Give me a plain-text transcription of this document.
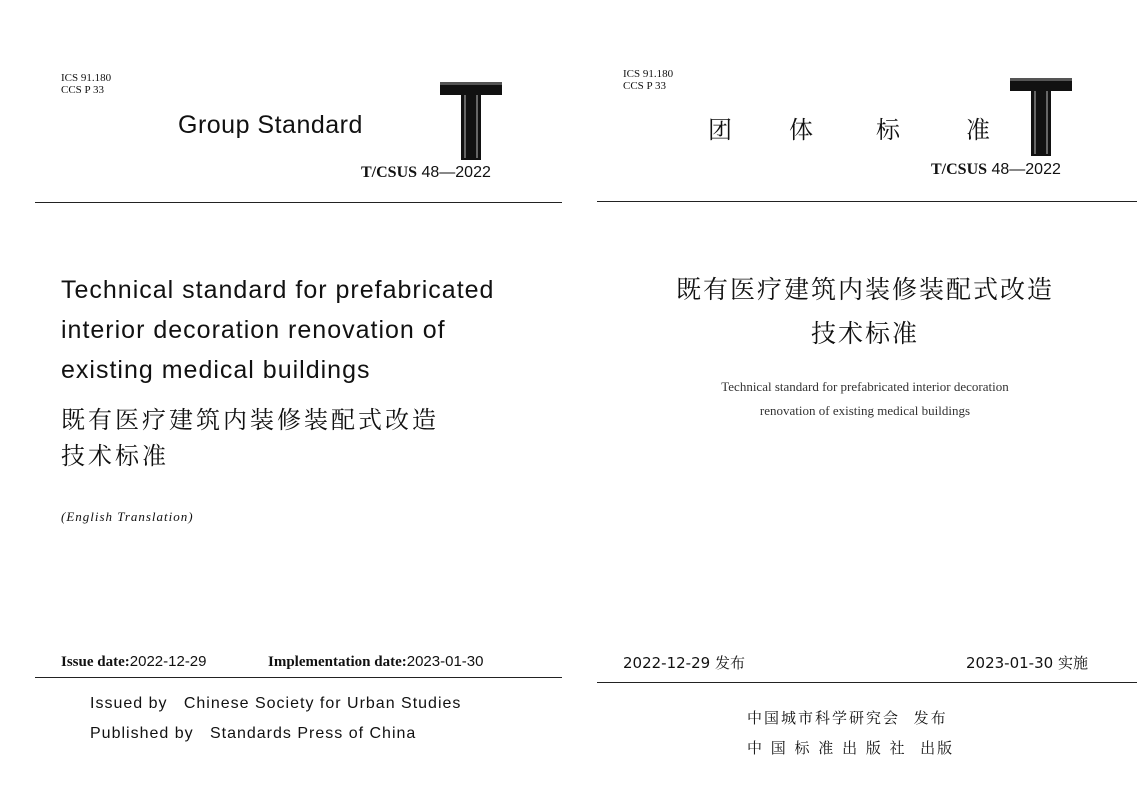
ICS 91.180
CCS P 33
Group Standard
T/CSUS 48—2022
Technical standard for prefabricated
interior decoration renovation of
existing medical buildings
既有医疗建筑内装修装配式改造
技术标准
(English Translation)
Issue date:2022-12-29	Implementation date:2023-01-30
Issued by Chinese Society for Urban Studies
Published by Standards Press of China
ICS 91.180
CCS P 33
团 体	标	准
T/CSUS 48—2022
既有医疗建筑内装修装配式改造
技术标准
Technical standard for prefabricated interior decoration
renovation of existing medical buildings
2022-12-29 发布	2023-01-30 实施
中国城市科学研究会 发布
中 国 标 准 出 版 社 出版
